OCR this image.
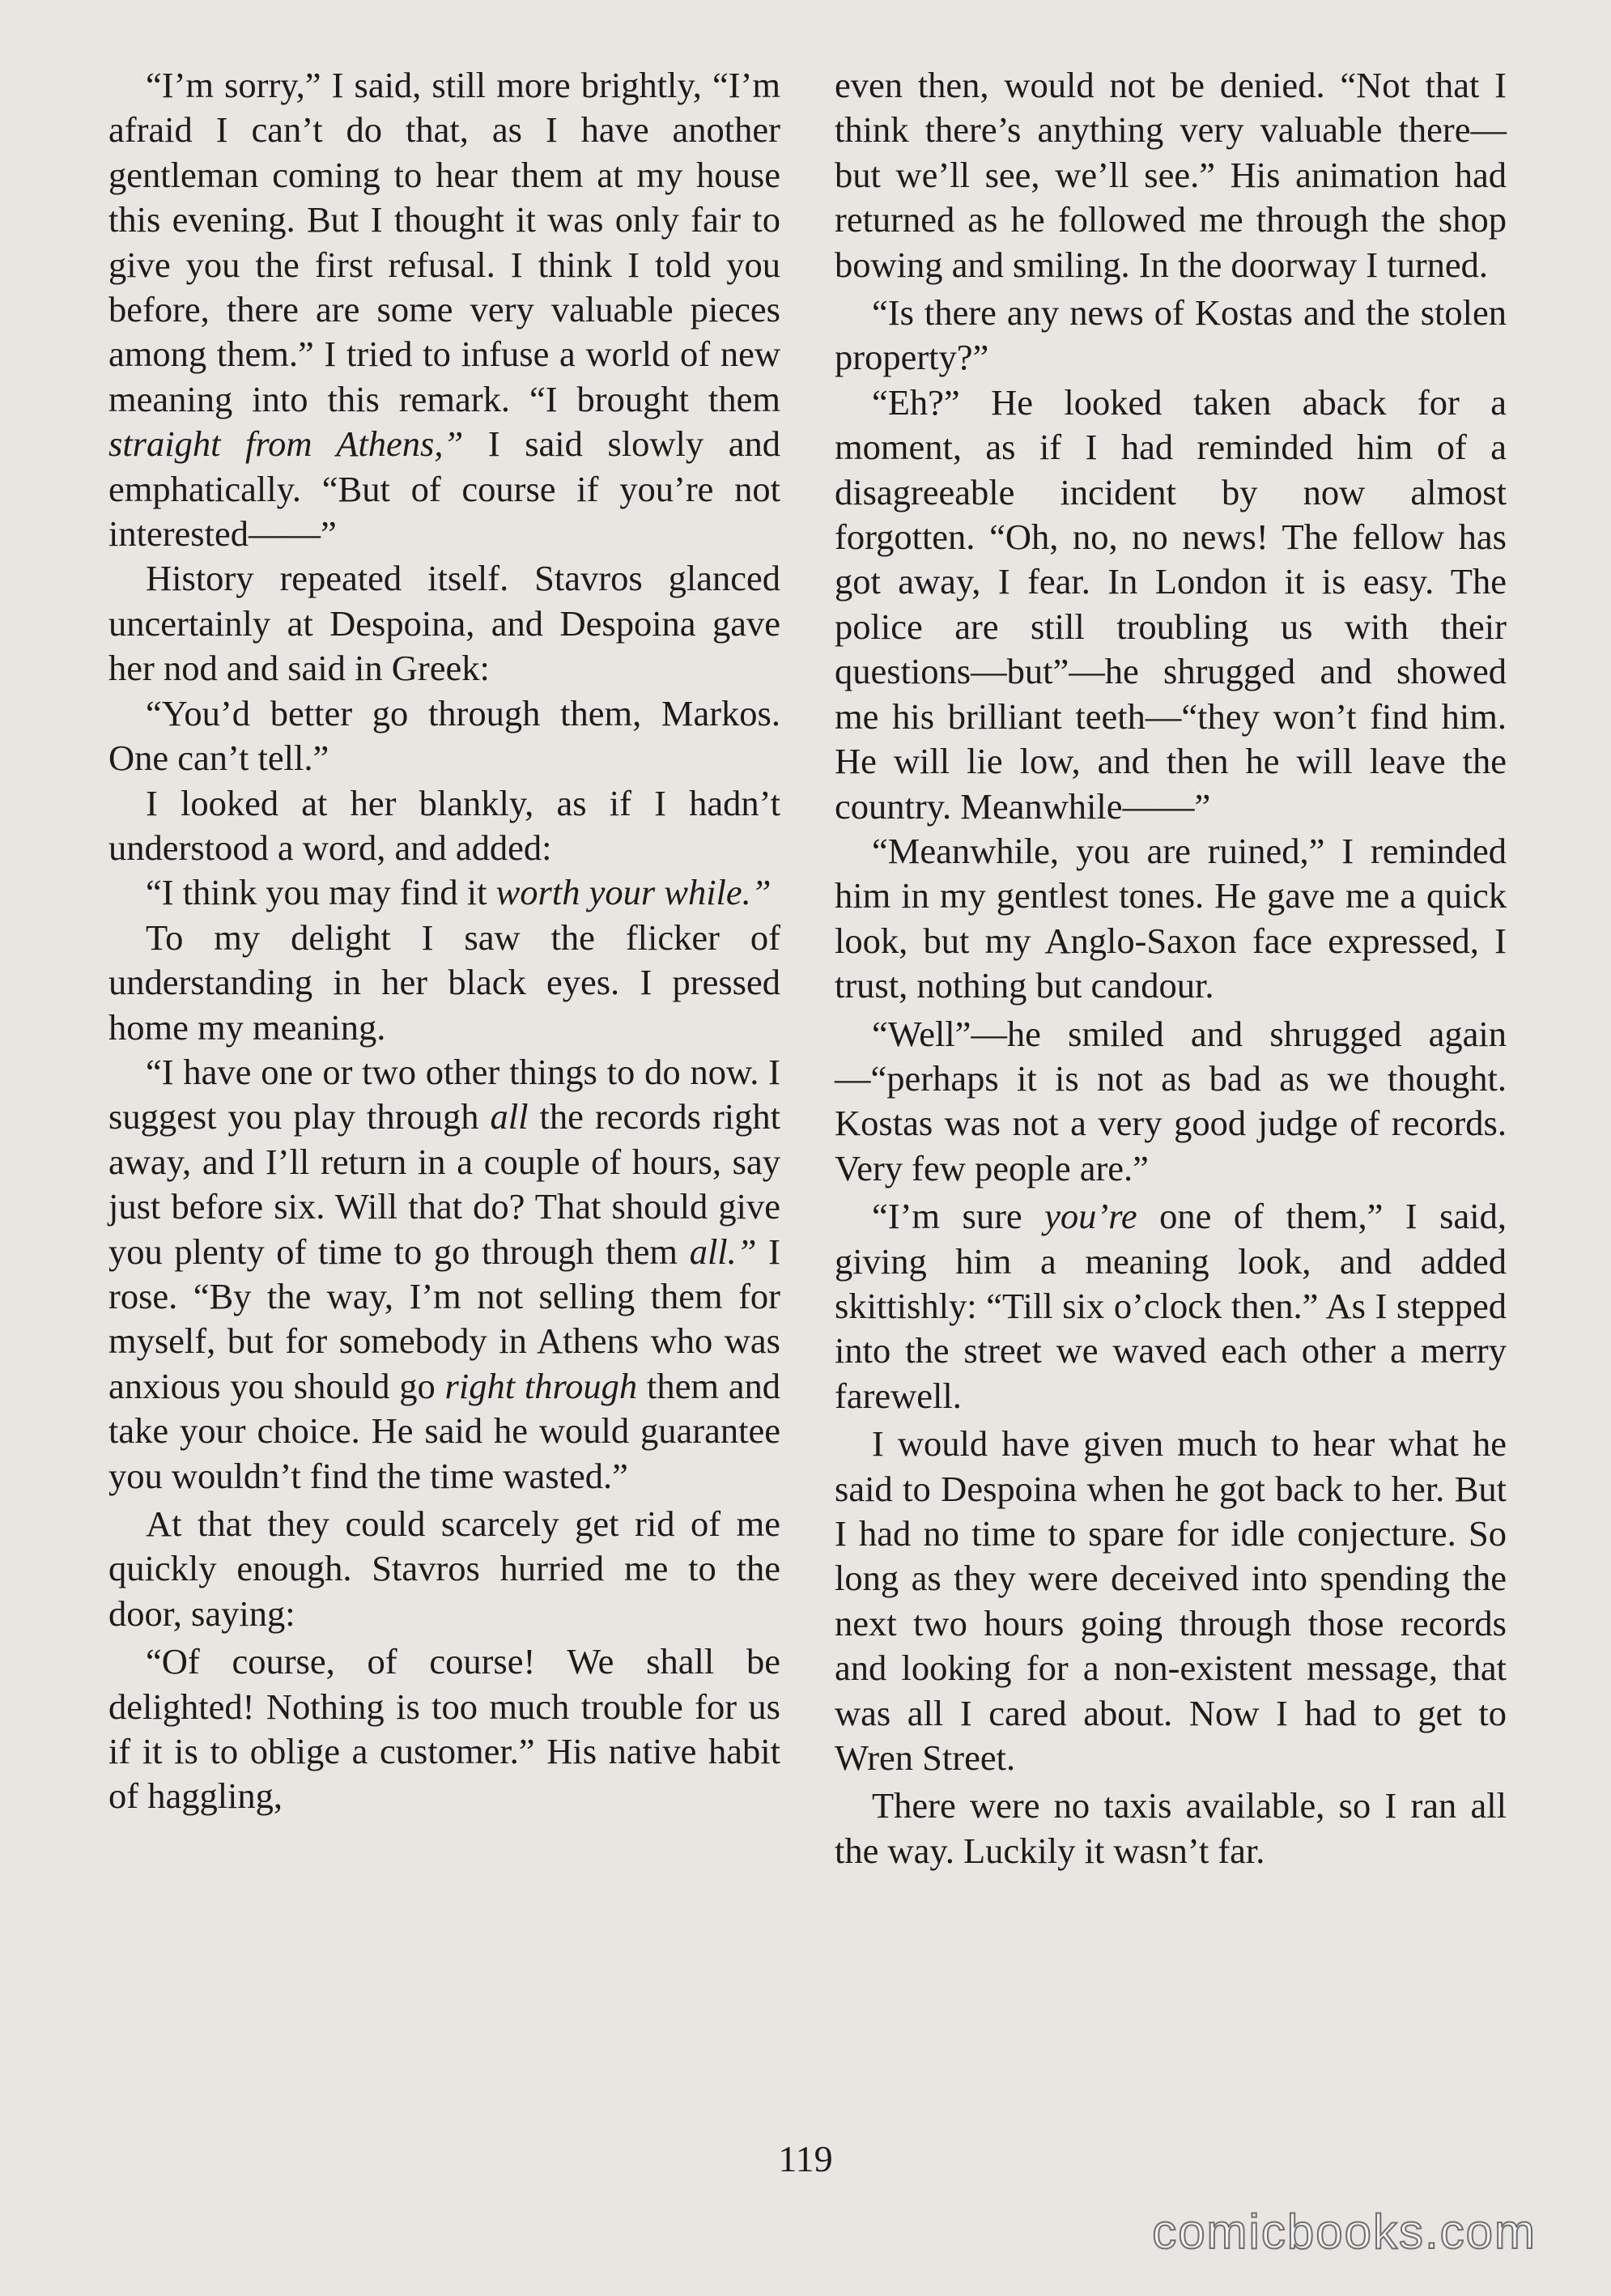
“I’m sorry,” I said, still more brightly, “I’m afraid I can’t do that, as I have another gentleman coming to hear them at my house this evening. But I thought it was only fair to give you the first refusal. I think I told you before, there are some very valuable pieces among them.” I tried to infuse a world of new meaning into this remark. “I brought them straight from Athens,” I said slowly and emphatically. “But of course if you’re not interested——”

History repeated itself. Stavros glanced uncertainly at Despoina, and Despoina gave her nod and said in Greek:

“You’d better go through them, Markos. One can’t tell.”

I looked at her blankly, as if I hadn’t understood a word, and added:

“I think you may find it worth your while.”

To my delight I saw the flicker of understanding in her black eyes. I pressed home my meaning.

“I have one or two other things to do now. I suggest you play through all the records right away, and I’ll return in a couple of hours, say just before six. Will that do? That should give you plenty of time to go through them all.” I rose. “By the way, I’m not selling them for myself, but for somebody in Athens who was anxious you should go right through them and take your choice. He said he would guarantee you wouldn’t find the time wasted.”

At that they could scarcely get rid of me quickly enough. Stavros hurried me to the door, saying:

“Of course, of course! We shall be delighted! Nothing is too much trouble for us if it is to oblige a customer.” His native habit of haggling,

even then, would not be denied. “Not that I think there’s anything very valuable there—but we’ll see, we’ll see.” His animation had returned as he followed me through the shop bowing and smiling. In the doorway I turned.

“Is there any news of Kostas and the stolen property?”

“Eh?” He looked taken aback for a moment, as if I had reminded him of a disagreeable incident by now almost forgotten. “Oh, no, no news! The fellow has got away, I fear. In London it is easy. The police are still troubling us with their questions—but”—he shrugged and showed me his brilliant teeth—“they won’t find him. He will lie low, and then he will leave the country. Meanwhile——”

“Meanwhile, you are ruined,” I reminded him in my gentlest tones. He gave me a quick look, but my Anglo-Saxon face expressed, I trust, nothing but candour.

“Well”—he smiled and shrugged again—“perhaps it is not as bad as we thought. Kostas was not a very good judge of records. Very few people are.”

“I’m sure you’re one of them,” I said, giving him a meaning look, and added skittishly: “Till six o’clock then.” As I stepped into the street we waved each other a merry farewell.

I would have given much to hear what he said to Despoina when he got back to her. But I had no time to spare for idle conjecture. So long as they were deceived into spending the next two hours going through those records and looking for a non-existent message, that was all I cared about. Now I had to get to Wren Street.

There were no taxis available, so I ran all the way. Luckily it wasn’t far.

119
comicbooks.com
